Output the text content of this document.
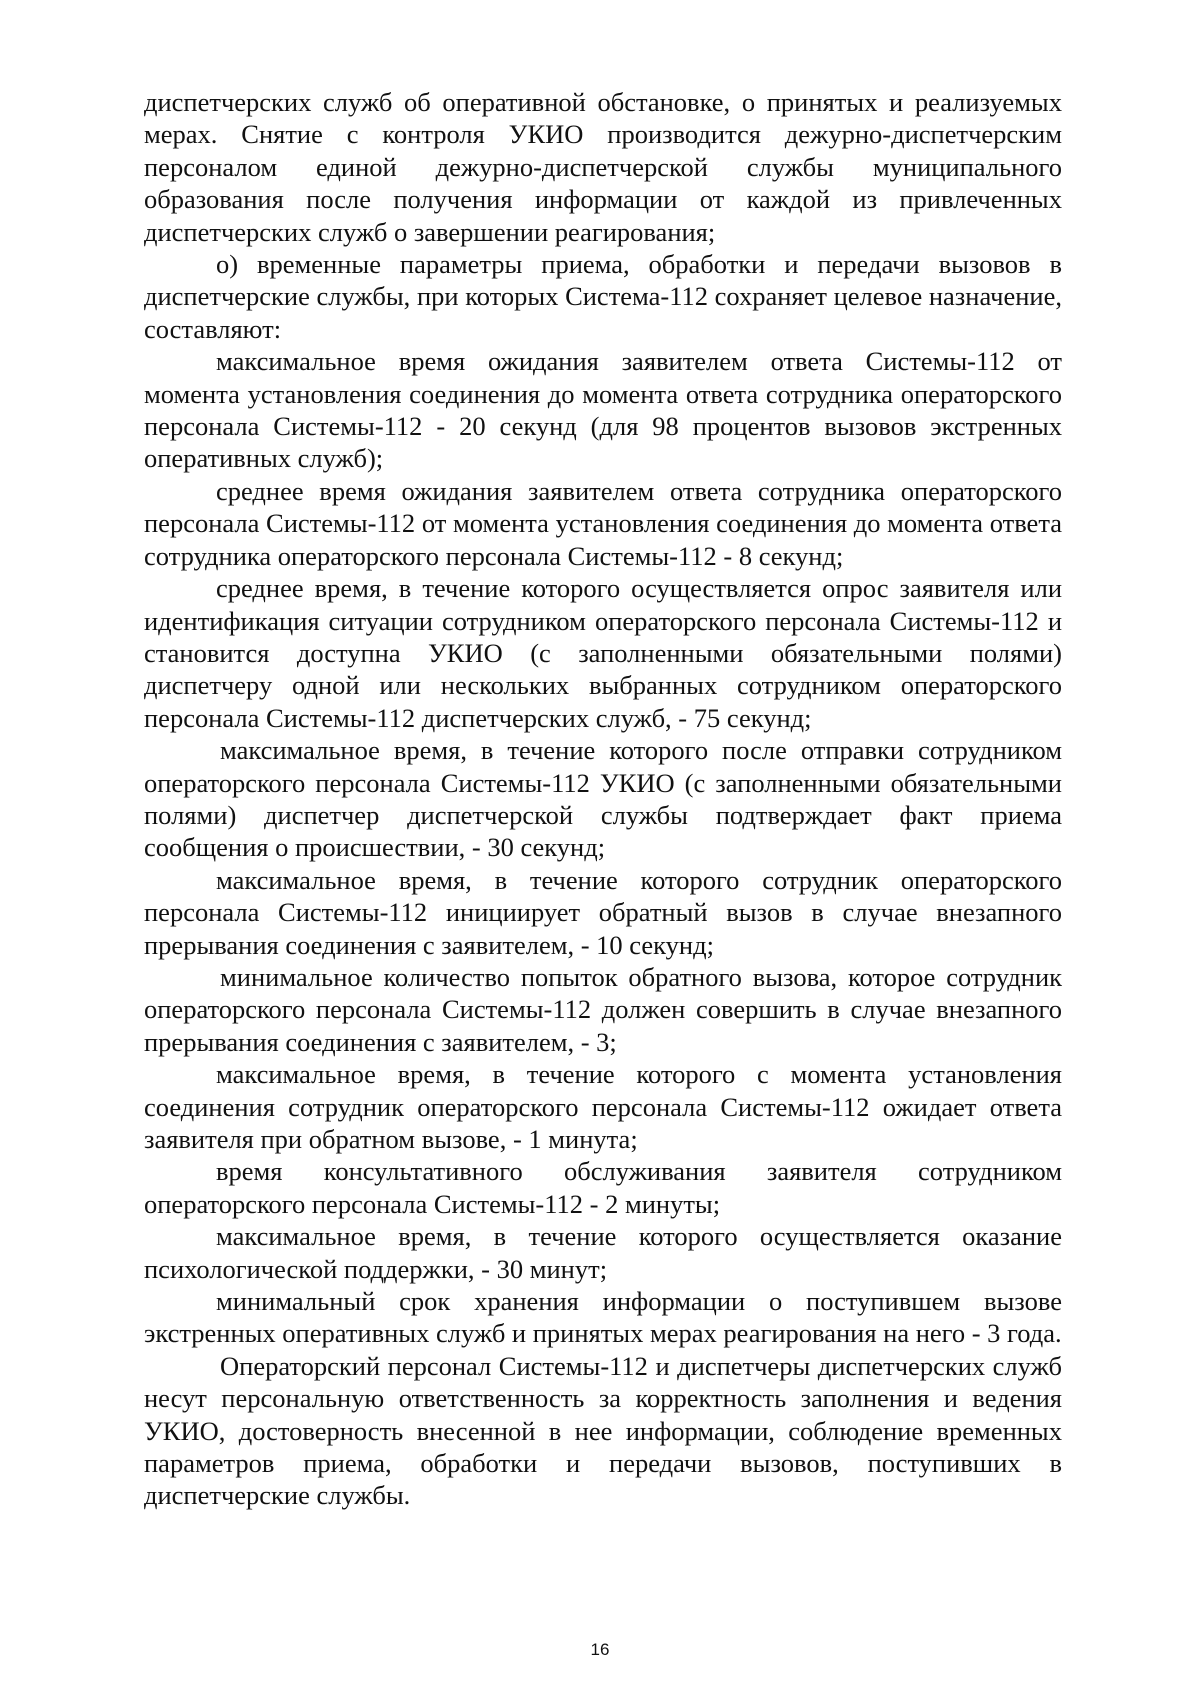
диспетчерских служб об оперативной обстановке, о принятых и реализуемых мерах. Снятие с контроля УКИО производится дежурно-диспетчерским персоналом единой дежурно-диспетчерской службы муниципального образования после получения информации от каждой из привлеченных диспетчерских служб о завершении реагирования;

о) временные параметры приема, обработки и передачи вызовов в диспетчерские службы, при которых Система-112 сохраняет целевое назначение, составляют:

максимальное время ожидания заявителем ответа Системы-112 от момента установления соединения до момента ответа сотрудника операторского персонала Системы-112 - 20 секунд (для 98 процентов вызовов экстренных оперативных служб);

среднее время ожидания заявителем ответа сотрудника операторского персонала Системы-112 от момента установления соединения до момента ответа сотрудника операторского персонала Системы-112 - 8 секунд;

среднее время, в течение которого осуществляется опрос заявителя или идентификация ситуации сотрудником операторского персонала Системы-112 и становится доступна УКИО (с заполненными обязательными полями) диспетчеру одной или нескольких выбранных сотрудником операторского персонала Системы-112 диспетчерских служб, - 75 секунд;

максимальное время, в течение которого после отправки сотрудником операторского персонала Системы-112 УКИО (с заполненными обязательными полями) диспетчер диспетчерской службы подтверждает факт приема сообщения о происшествии, - 30 секунд;

максимальное время, в течение которого сотрудник операторского персонала Системы-112 инициирует обратный вызов в случае внезапного прерывания соединения с заявителем, - 10 секунд;

минимальное количество попыток обратного вызова, которое сотрудник операторского персонала Системы-112 должен совершить в случае внезапного прерывания соединения с заявителем, - 3;

максимальное время, в течение которого с момента установления соединения сотрудник операторского персонала Системы-112 ожидает ответа заявителя при обратном вызове, - 1 минута;

время консультативного обслуживания заявителя сотрудником операторского персонала Системы-112 - 2 минуты;

максимальное время, в течение которого осуществляется оказание психологической поддержки, - 30 минут;

минимальный срок хранения информации о поступившем вызове экстренных оперативных служб и принятых мерах реагирования на него - 3 года.

Операторский персонал Системы-112 и диспетчеры диспетчерских служб несут персональную ответственность за корректность заполнения и ведения УКИО, достоверность внесенной в нее информации, соблюдение временных параметров приема, обработки и передачи вызовов, поступивших в диспетчерские службы.

16
